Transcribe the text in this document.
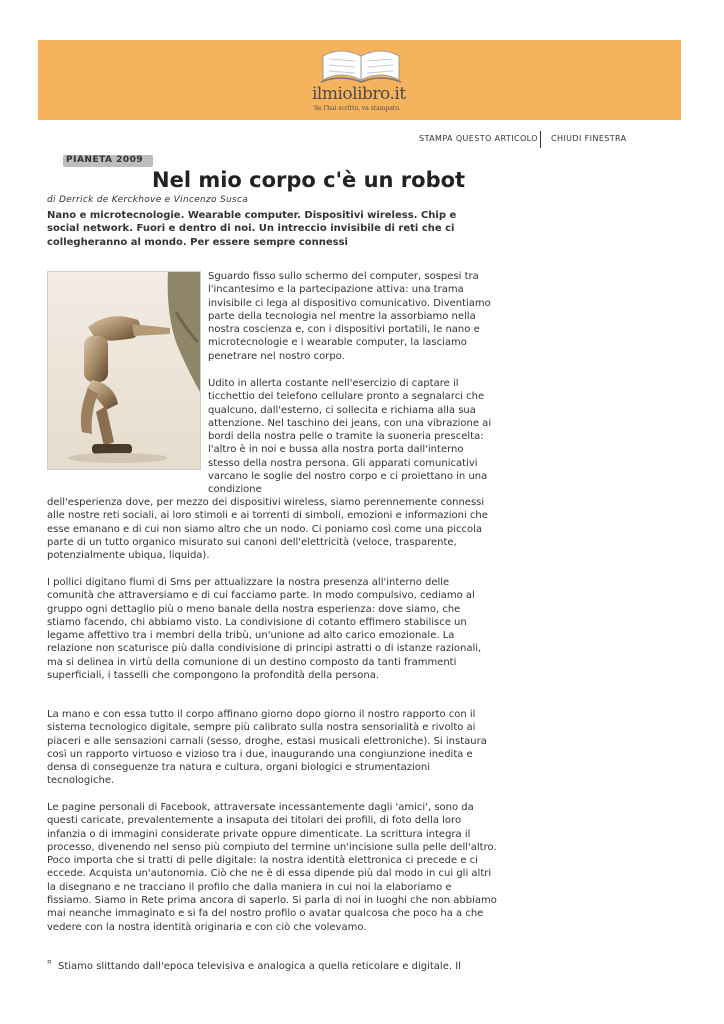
ilmiolibro.it
Se l'hai scritto, va stampato.
STAMPA QUESTO ARTICOLO CHIUDI FINESTRA
PIANETA 2009
Nel mio corpo c'è un robot
di Derrick de Kerckhove e Vincenzo Susca
Nano e microtecnologie. Wearable computer. Dispositivi wireless. Chip e social network. Fuori e dentro di noi. Un intreccio invisibile di reti che ci collegheranno al mondo. Per essere sempre connessi
Sguardo fisso sullo schermo del computer, sospesi tra l'incantesimo e la partecipazione attiva: una trama invisibile ci lega al dispositivo comunicativo. Diventiamo parte della tecnologia nel mentre la assorbiamo nella nostra coscienza e, con i dispositivi portatili, le nano e microtecnologie e i wearable computer, la lasciamo penetrare nel nostro corpo.
Udito in allerta costante nell'esercizio di captare il ticchettio del telefono cellulare pronto a segnalarci che qualcuno, dall'esterno, ci sollecita e richiama alla sua attenzione. Nel taschino dei jeans, con una vibrazione ai bordi della nostra pelle o tramite la suoneria prescelta: l'altro è in noi e bussa alla nostra porta dall'interno stesso della nostra persona. Gli apparati comunicativi varcano le soglie del nostro corpo e ci proiettano in una condizione
dell'esperienza dove, per mezzo dei dispositivi wireless, siamo perennemente connessi alle nostre reti sociali, ai loro stimoli e ai torrenti di simboli, emozioni e informazioni che esse emanano e di cui non siamo altro che un nodo. Ci poniamo così come una piccola parte di un tutto organico misurato sui canoni dell'elettricità (veloce, trasparente, potenzialmente ubiqua, liquida).
I pollici digitano fiumi di Sms per attualizzare la nostra presenza all'interno delle comunità che attraversiamo e di cui facciamo parte. In modo compulsivo, cediamo al gruppo ogni dettaglio più o meno banale della nostra esperienza: dove siamo, che stiamo facendo, chi abbiamo visto. La condivisione di cotanto effimero stabilisce un legame affettivo tra i membri della tribù, un'unione ad alto carico emozionale. La relazione non scaturisce più dalla condivisione di principi astratti o di istanze razionali, ma si delinea in virtù della comunione di un destino composto da tanti frammenti superficiali, i tasselli che compongono la profondità della persona.
La mano e con essa tutto il corpo affinano giorno dopo giorno il nostro rapporto con il sistema tecnologico digitale, sempre più calibrato sulla nostra sensorialità e rivolto ai piaceri e alle sensazioni carnali (sesso, droghe, estasi musicali elettroniche). Si instaura così un rapporto virtuoso e vizioso tra i due, inaugurando una congiunzione inedita e densa di conseguenze tra natura e cultura, organi biologici e strumentazioni tecnologiche.
Le pagine personali di Facebook, attraversate incessantemente dagli 'amici', sono da questi caricate, prevalentemente a insaputa dei titolari dei profili, di foto della loro infanzia o di immagini considerate private oppure dimenticate. La scrittura integra il processo, divenendo nel senso più compiuto del termine un'incisione sulla pelle dell'altro. Poco importa che si tratti di pelle digitale: la nostra identità elettronica ci precede e ci eccede. Acquista un'autonomia. Ciò che ne è di essa dipende più dal modo in cui gli altri la disegnano e ne tracciano il profilo che dalla maniera in cui noi la elaboriamo e fissiamo. Siamo in Rete prima ancora di saperlo. Si parla di noi in luoghi che non abbiamo mai neanche immaginato e si fa del nostro profilo o avatar qualcosa che poco ha a che vedere con la nostra identità originaria e con ciò che volevamo.
¤ Stiamo slittando dall'epoca televisiva e analogica a quella reticolare e digitale. Il
